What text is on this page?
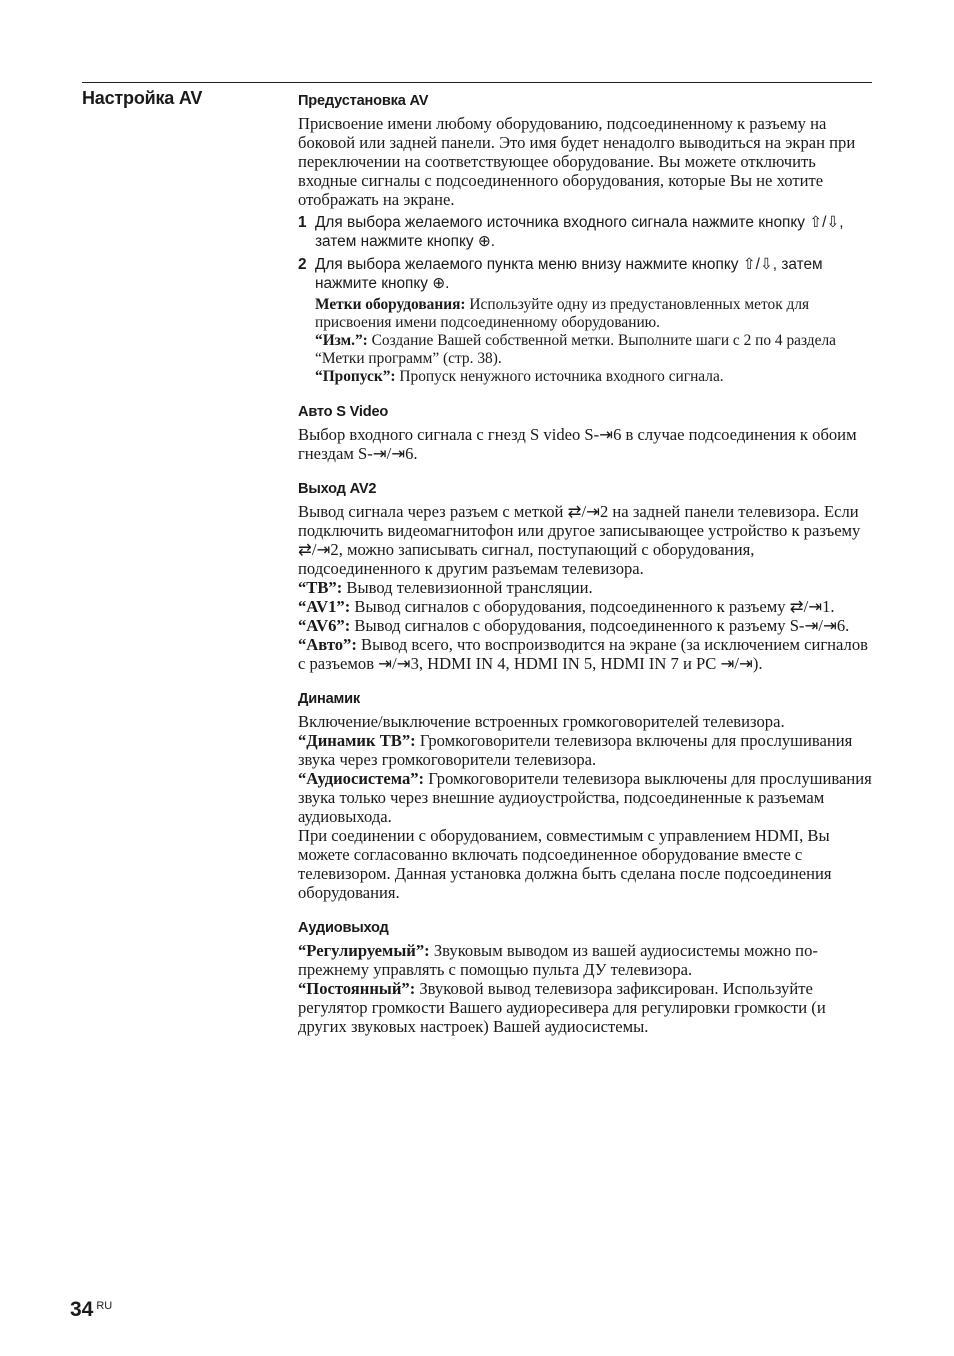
Настройка AV	Предустановка AV

Присвоение имени любому оборудованию, подсоединенному к разъему на боковой или задней панели. Это имя будет ненадолго выводиться на экран при переключении на соответствующее оборудование. Вы можете отключить входные сигналы с подсоединенного оборудования, которые Вы не хотите отображать на экране.

1 Для выбора желаемого источника входного сигнала нажмите кнопку ⇧/⇩, затем нажмите кнопку ⊕.
2 Для выбора желаемого пункта меню внизу нажмите кнопку ⇧/⇩, затем нажмите кнопку ⊕.
Метки оборудования: Используйте одну из предустановленных меток для присвоения имени подсоединенному оборудованию.
“Изм.”: Создание Вашей собственной метки. Выполните шаги с 2 по 4 раздела “Метки программ” (стр. 38).
“Пропуск”: Пропуск ненужного источника входного сигнала.
Авто S Video

Выбор входного сигнала с гнезд S video S-⇥6 в случае подсоединения к обоим гнездам S-⇥/⇥6.

Выход AV2

Вывод сигнала через разъем с меткой ⇄/⇥2 на задней панели телевизора. Если подключить видеомагнитофон или другое записывающее устройство к разъему ⇄/⇥2, можно записывать сигнал, поступающий с оборудования, подсоединенного к другим разъемам телевизора.

“ТВ”: Вывод телевизионной трансляции.
“AV1”: Вывод сигналов с оборудования, подсоединенного к разъему ⇄/⇥1.
“AV6”: Вывод сигналов с оборудования, подсоединенного к разъему S-⇥/⇥6.
“Авто”: Вывод всего, что воспроизводится на экране (за исключением сигналов с разъемов ⇥/⇥3, HDMI IN 4, HDMI IN 5, HDMI IN 7 и PC ⇥/⇥).
Динамик

Включение/выключение встроенных громкоговорителей телевизора.

“Динамик ТВ”: Громкоговорители телевизора включены для прослушивания звука через громкоговорители телевизора.
“Аудиосистема”: Громкоговорители телевизора выключены для прослушивания звука только через внешние аудиоустройства, подсоединенные к разъемам аудиовыхода.

При соединении с оборудованием, совместимым с управлением HDMI, Вы можете согласованно включать подсоединенное оборудование вместе с телевизором. Данная установка должна быть сделана после подсоединения оборудования.

Аудиовыход
“Регулируемый”: Звуковым выводом из вашей аудиосистемы можно по-прежнему управлять с помощью пульта ДУ телевизора.
“Постоянный”: Звуковой вывод телевизора зафиксирован. Используйте регулятор громкости Вашего аудиоресивера для регулировки громкости (и других звуковых настроек) Вашей аудиосистемы.
34 $^{RU}$
